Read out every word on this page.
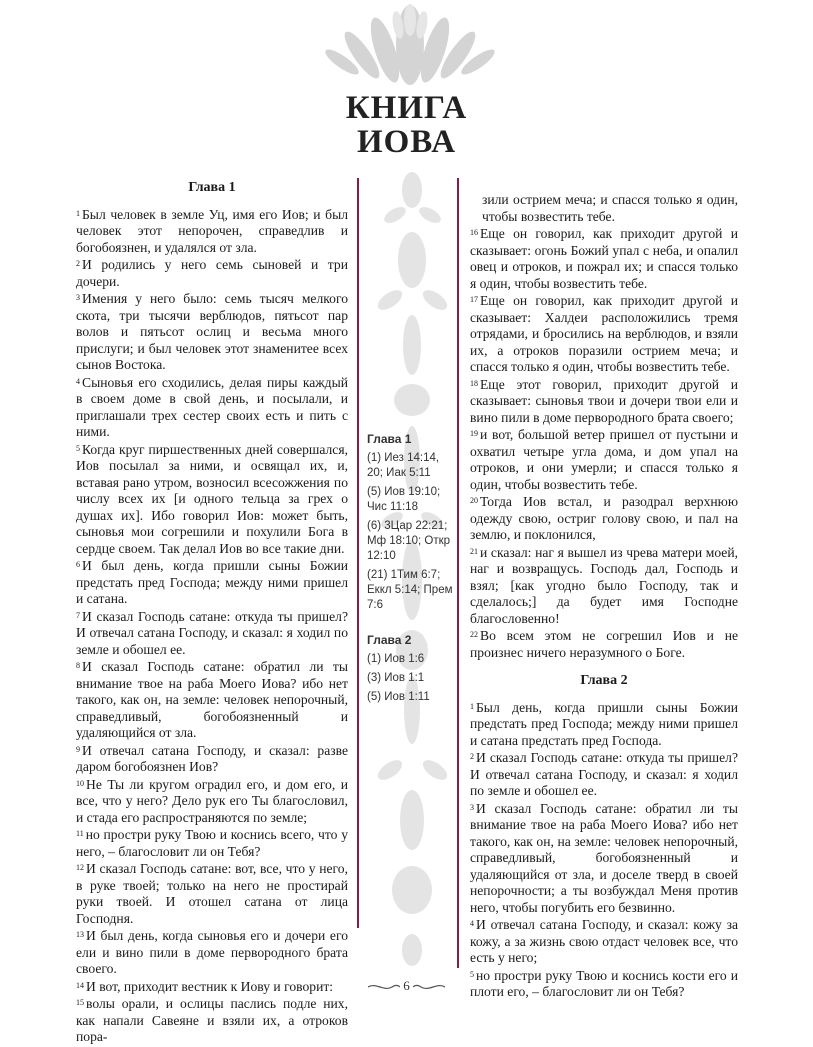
КНИГА
ИОВА
Глава 1
$^1$ Был человек в земле Уц, имя его Иов; и был человек этот непорочен, справедлив и богобоязнен, и удалялся от зла.
$^2$ И родились у него семь сыновей и три дочери.
$^3$ Имения у него было: семь тысяч мелкого скота, три тысячи верблюдов, пятьсот пар волов и пятьсот ослиц и весьма много прислуги; и был человек этот знаменитее всех сынов Востока.
$^4$ Сыновья его сходились, делая пиры каждый в своем доме в свой день, и посылали, и приглашали трех сестер своих есть и пить с ними.
$^5$ Когда круг пиршественных дней совершался, Иов посылал за ними, и освящал их, и, вставая рано утром, возносил всесожжения по числу всех их [и одного тельца за грех о душах их]. Ибо говорил Иов: может быть, сыновья мои согрешили и похулили Бога в сердце своем. Так делал Иов во все такие дни.
$^6$ И был день, когда пришли сыны Божии предстать пред Господа; между ними пришел и сатана.
$^7$ И сказал Господь сатане: откуда ты пришел? И отвечал сатана Господу, и сказал: я ходил по земле и обошел ее.
$^8$ И сказал Господь сатане: обратил ли ты внимание твое на раба Моего Иова? ибо нет такого, как он, на земле: человек непорочный, справедливый, богобоязненный и удаляющийся от зла.
$^9$ И отвечал сатана Господу, и сказал: разве даром богобоязнен Иов?
$^{10}$ Не Ты ли кругом оградил его, и дом его, и все, что у него? Дело рук его Ты благословил, и стада его распространяются по земле;
$^{11}$ но простри руку Твою и коснись всего, что у него, – благословит ли он Тебя?
$^{12}$ И сказал Господь сатане: вот, все, что у него, в руке твоей; только на него не простирай руки твоей. И отошел сатана от лица Господня.
$^{13}$ И был день, когда сыновья его и дочери его ели и вино пили в доме первородного брата своего.
$^{14}$ И вот, приходит вестник к Иову и говорит:
$^{15}$ волы орали, и ослицы паслись подле них, как напали Савеяне и взяли их, а отроков пора-
Глава 1
(1) Иез 14:14, 20; Иак 5:11
(5) Иов 19:10; Чис 11:18
(6) 3Цар 22:21; Мф 18:10; Откр 12:10
(21) 1Тим 6:7; Еккл 5:14; Прем 7:6
Глава 2
(1) Иов 1:6
(3) Иов 1:1
(5) Иов 1:11
зили острием меча; и спасся только я один, чтобы возвестить тебе.
$^{16}$ Еще он говорил, как приходит другой и сказывает: огонь Божий упал с неба, и опалил овец и отроков, и пожрал их; и спасся только я один, чтобы возвестить тебе.
$^{17}$ Еще он говорил, как приходит другой и сказывает: Халдеи расположились тремя отрядами, и бросились на верблюдов, и взяли их, а отроков поразили острием меча; и спасся только я один, чтобы возвестить тебе.
$^{18}$ Еще этот говорил, приходит другой и сказывает: сыновья твои и дочери твои ели и вино пили в доме первородного брата своего;
$^{19}$ и вот, большой ветер пришел от пустыни и охватил четыре угла дома, и дом упал на отроков, и они умерли; и спасся только я один, чтобы возвестить тебе.
$^{20}$ Тогда Иов встал, и разодрал верхнюю одежду свою, остриг голову свою, и пал на землю, и поклонился,
$^{21}$ и сказал: наг я вышел из чрева матери моей, наг и возвращусь. Господь дал, Господь и взял; [как угодно было Господу, так и сделалось;] да будет имя Господне благословенно!
$^{22}$ Во всем этом не согрешил Иов и не произнес ничего неразумного о Боге.
Глава 2
$^1$ Был день, когда пришли сыны Божии предстать пред Господа; между ними пришел и сатана предстать пред Господа.
$^2$ И сказал Господь сатане: откуда ты пришел? И отвечал сатана Господу, и сказал: я ходил по земле и обошел ее.
$^3$ И сказал Господь сатане: обратил ли ты внимание твое на раба Моего Иова? ибо нет такого, как он, на земле: человек непорочный, справедливый, богобоязненный и удаляющийся от зла, и доселе тверд в своей непорочности; а ты возбуждал Меня против него, чтобы погубить его безвинно.
$^4$ И отвечал сатана Господу, и сказал: кожу за кожу, а за жизнь свою отдаст человек все, что есть у него;
$^5$ но простри руку Твою и коснись кости его и плоти его, – благословит ли он Тебя?
6
